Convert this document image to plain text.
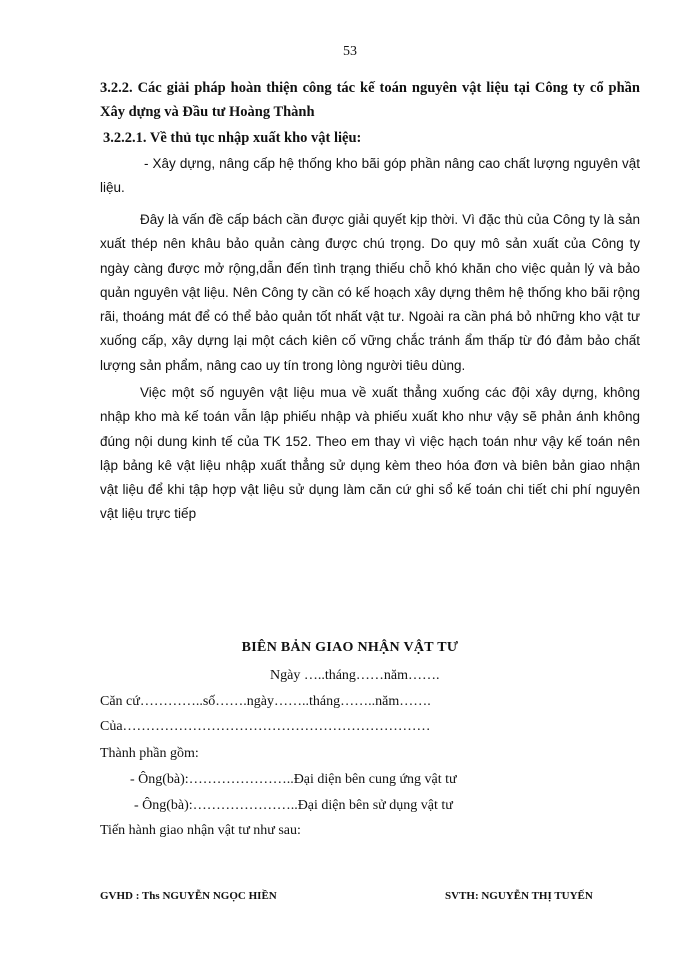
53
3.2.2. Các giải pháp hoàn thiện công tác kế toán nguyên vật liệu tại Công ty cổ phần Xây dựng và Đầu tư Hoàng Thành
3.2.2.1. Về thủ tục nhập xuất kho vật liệu:
- Xây dựng, nâng cấp hệ thống kho bãi góp phần nâng cao chất lượng nguyên vật liệu.
Đây là vấn đề cấp bách cần được giải quyết kịp thời. Vì đặc thù của Công ty là sản xuất thép nên khâu bảo quản càng được chú trọng. Do quy mô sản xuất của Công ty ngày càng được mở rộng,dẫn đến tình trạng thiếu chỗ khó khăn cho việc quản lý và bảo quản nguyên vật liệu. Nên Công ty cần có kế hoạch xây dựng thêm hệ thống kho bãi rộng rãi, thoáng mát để có thể bảo quản tốt nhất vật tư. Ngoài ra cần phá bỏ những kho vật tư xuống cấp, xây dựng lại một cách kiên cố vững chắc tránh ẩm thấp từ đó đảm bảo chất lượng sản phẩm, nâng cao uy tín trong lòng người tiêu dùng.
Việc một số nguyên vật liệu mua về xuất thẳng xuống các đội xây dựng, không nhập kho mà kế toán vẫn lập phiếu nhập và phiếu xuất kho như vậy sẽ phản ánh không đúng nội dung kinh tế của TK 152. Theo em thay vì việc hạch toán như vậy kế toán nên lập bảng kê vật liệu nhập xuất thẳng sử dụng kèm theo hóa đơn và biên bản giao nhận vật liệu để khi tập hợp vật liệu sử dụng làm căn cứ ghi sổ kế toán chi tiết chi phí nguyên vật liệu trực tiếp
BIÊN BẢN GIAO NHẬN VẬT TƯ
Ngày …..tháng……năm…….
Căn cứ…………..số…….ngày……..tháng……..năm…….
Của…………………………………………………………
Thành phần gồm:
- Ông(bà):…………………..Đại diện bên cung ứng vật tư
- Ông(bà):…………………..Đại diện bên sử dụng vật tư
Tiến hành giao nhận vật tư như sau:
GVHD : Ths NGUYỄN NGỌC HIỀN	SVTH: NGUYỄN THỊ TUYẾN
